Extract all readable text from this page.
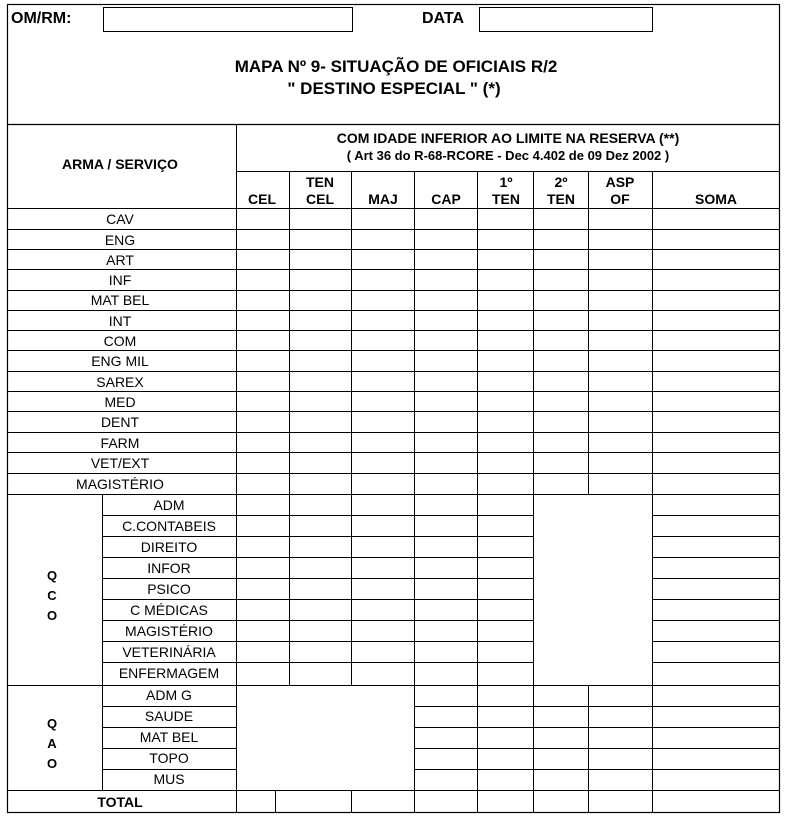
OM/RM:	DATA
MAPA Nº 9- SITUAÇÃO DE OFICIAIS R/2
" DESTINO ESPECIAL " (*)
ARMA / SERVIÇO
COM IDADE INFERIOR AO LIMITE NA RESERVA (**)
( Art 36 do R-68-RCORE - Dec 4.402 de 09 Dez 2002 )
CEL
TEN
CEL MAJ CAP
1º
TEN
2º
TEN
ASP
OF	SOMA
Q C O
Q A O
CAV
ENG
ART
INF
MAT BEL
INT
COM
ENG MIL
SAREX
MED
DENT
FARM
VET/EXT
MAGISTÉRIO
ADM
C.CONTABEIS
DIREITO
INFOR
PSICO
C MÉDICAS
MAGISTÉRIO
VETERINÁRIA
ENFERMAGEM
ADM G
SAUDE
MAT BEL
TOPO
MUS
TOTAL
